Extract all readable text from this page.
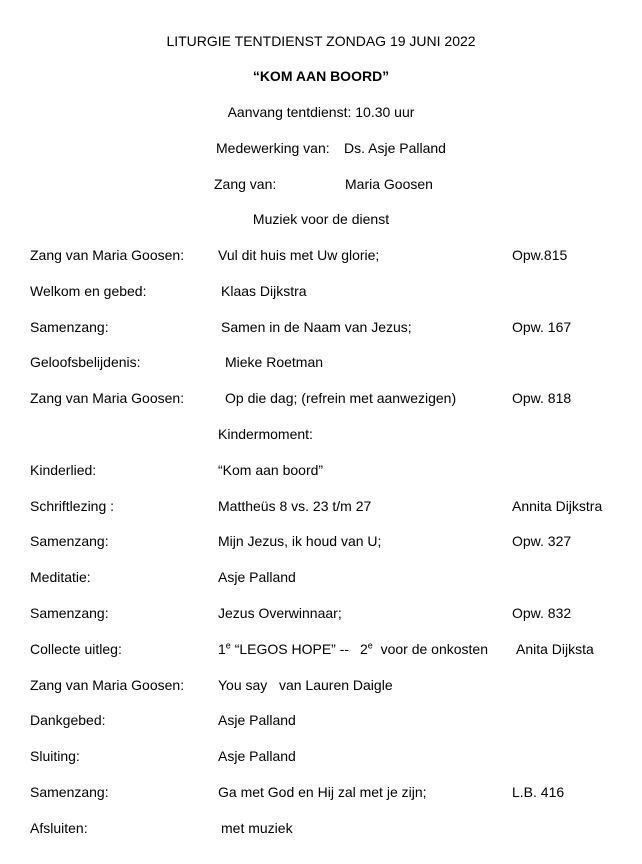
LITURGIE TENTDIENST ZONDAG 19 JUNI 2022
“KOM AAN BOORD”
Aanvang tentdienst: 10.30 uur
Medewerking van: Ds. Asje Palland
Zang van:	Maria Goosen
Muziek voor de dienst
Zang van Maria Goosen: Vul dit huis met Uw glorie;	Opw.815
Welkom en gebed:	Klaas Dijkstra
Samenzang:	Samen in de Naam van Jezus;	Opw. 167
Geloofsbelijdenis:	Mieke Roetman
Zang van Maria Goosen:	Op die dag; (refrein met aanwezigen)	Opw. 818
Kindermoment:
Kinderlied:	“Kom aan boord”
Schriftlezing :	Mattheüs 8 vs. 23 t/m 27	Annita Dijkstra
Samenzang:	Mijn Jezus, ik houd van U;	Opw. 327
Meditatie:	Asje Palland
Samenzang:	Jezus Overwinnaar;	Opw. 832
Collecte uitleg:	1e “LEGOS HOPE” -- 2e voor de onkosten Anita Dijksta
Zang van Maria Goosen: You say   van Lauren Daigle
Dankgebed:	Asje Palland
Sluiting:	Asje Palland
Samenzang:	Ga met God en Hij zal met je zijn;	L.B. 416
Afsluiten:	met muziek
